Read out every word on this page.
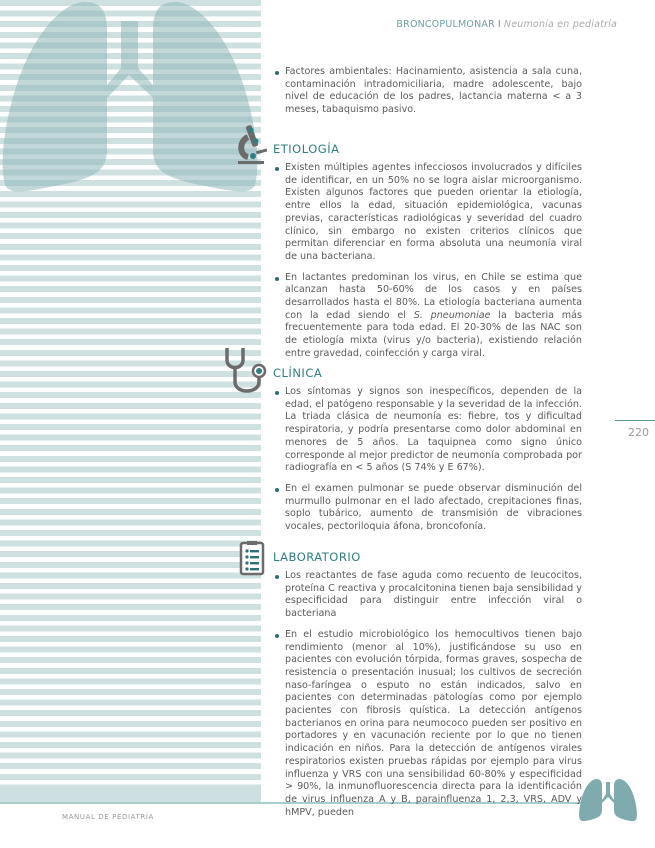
BRONCOPULMONAR I Neumonía en pediatría
Factores ambientales: Hacinamiento, asistencia a sala cuna, contaminación intradomiciliaria, madre adolescente, bajo nivel de educación de los padres, lactancia materna < a 3 meses, tabaquismo pasivo.
ETIOLOGÍA
Existen múltiples agentes infecciosos involucrados y difíciles de identificar, en un 50% no se logra aislar microorganismo. Existen algunos factores que pueden orientar la etiología, entre ellos la edad, situación epidemiológica, vacunas previas, características radiológicas y severidad del cuadro clínico, sin embargo no existen criterios clínicos que permitan diferenciar en forma absoluta una neumonía viral de una bacteriana.
En lactantes predominan los virus, en Chile se estima que alcanzan hasta 50-60% de los casos y en países desarrollados hasta el 80%. La etiología bacteriana aumenta con la edad siendo el S. pneumoniae la bacteria más frecuentemente para toda edad. El 20-30% de las NAC son de etiología mixta (virus y/o bacteria), existiendo relación entre gravedad, coinfección y carga viral.
CLÍNICA
Los síntomas y signos son inespecíficos, dependen de la edad, el patógeno responsable y la severidad de la infección. La triada clásica de neumonía es: fiebre, tos y dificultad respiratoria, y podría presentarse como dolor abdominal en menores de 5 años. La taquipnea como signo único corresponde al mejor predictor de neumonía comprobada por radiografía en < 5 años (S 74% y E 67%).
En el examen pulmonar se puede observar disminución del murmullo pulmonar en el lado afectado, crepitaciones finas, soplo tubárico, aumento de transmisión de vibraciones vocales, pectoriloquia áfona, broncofonía.
LABORATORIO
Los reactantes de fase aguda como recuento de leucocitos, proteína C reactiva y procalcitonina tienen baja sensibilidad y especificidad para distinguir entre infección viral o bacteriana
En el estudio microbiológico los hemocultivos tienen bajo rendimiento (menor al 10%), justificándose su uso en pacientes con evolución tórpida, formas graves, sospecha de resistencia o presentación inusual; los cultivos de secreción naso-faríngea o esputo no están indicados, salvo en pacientes con determinadas patologías como por ejemplo pacientes con fibrosis quística. La detección antígenos bacterianos en orina para neumococo pueden ser positivo en portadores y en vacunación reciente por lo que no tienen indicación en niños. Para la detección de antígenos virales respiratorios existen pruebas rápidas por ejemplo para virus influenza y VRS con una sensibilidad 60-80% y especificidad > 90%, la inmunofluorescencia directa para la identificación de virus influenza A y B, parainfluenza 1, 2,3, VRS, ADV y hMPV, pueden
220
MANUAL DE PEDIATRÍA
